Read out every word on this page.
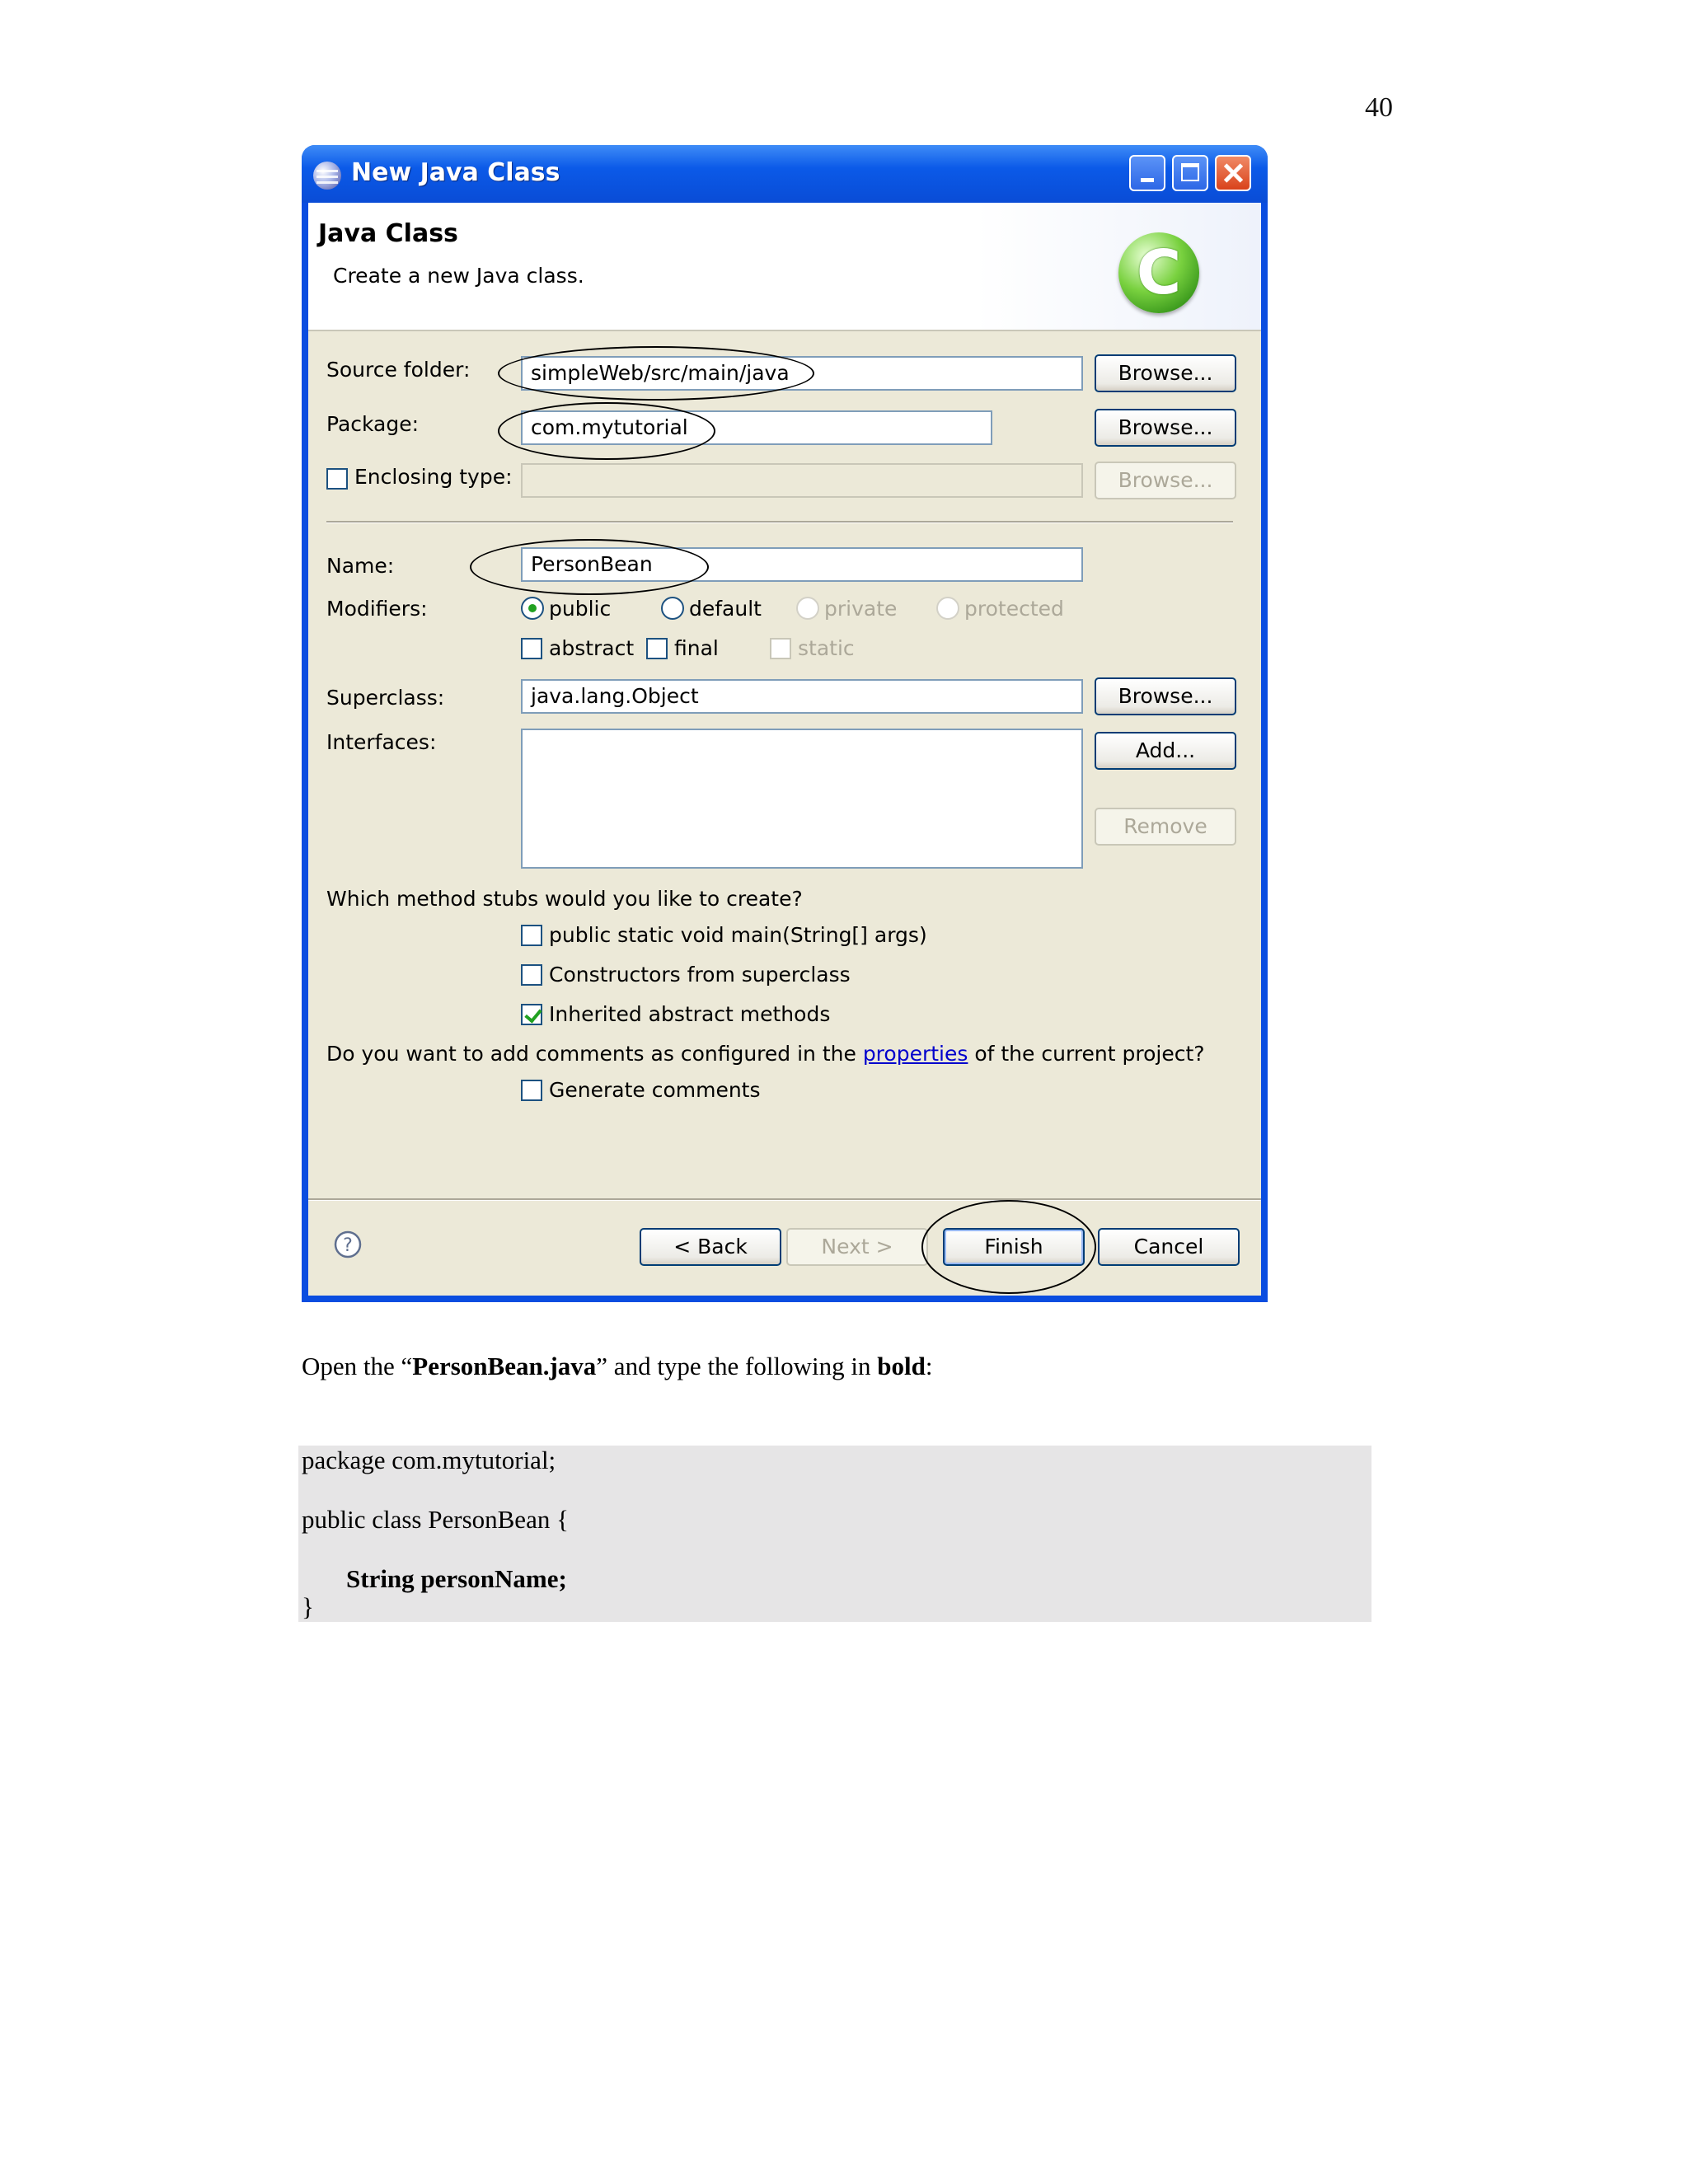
40
New Java Class
Java Class
Create a new Java class.	C
Source folder:	simpleWeb/src/main/java	Browse...
Package:	com.mytutorial	Browse...
Enclosing type:	Browse...
Name:	PersonBean
Modifiers:	public	default	private	protected
abstract final	static
Superclass:	java.lang.Object	Browse...
Interfaces:	Add...
Remove
Which method stubs would you like to create?
public static void main(String[] args)
Constructors from superclass
Inherited abstract methods
Do you want to add comments as configured in the properties of the current project?
Generate comments
?	< Back	Next >	Finish	Cancel
Open the “PersonBean.java” and type the following in bold:
package com.mytutorial;
public class PersonBean {
String personName;
}
